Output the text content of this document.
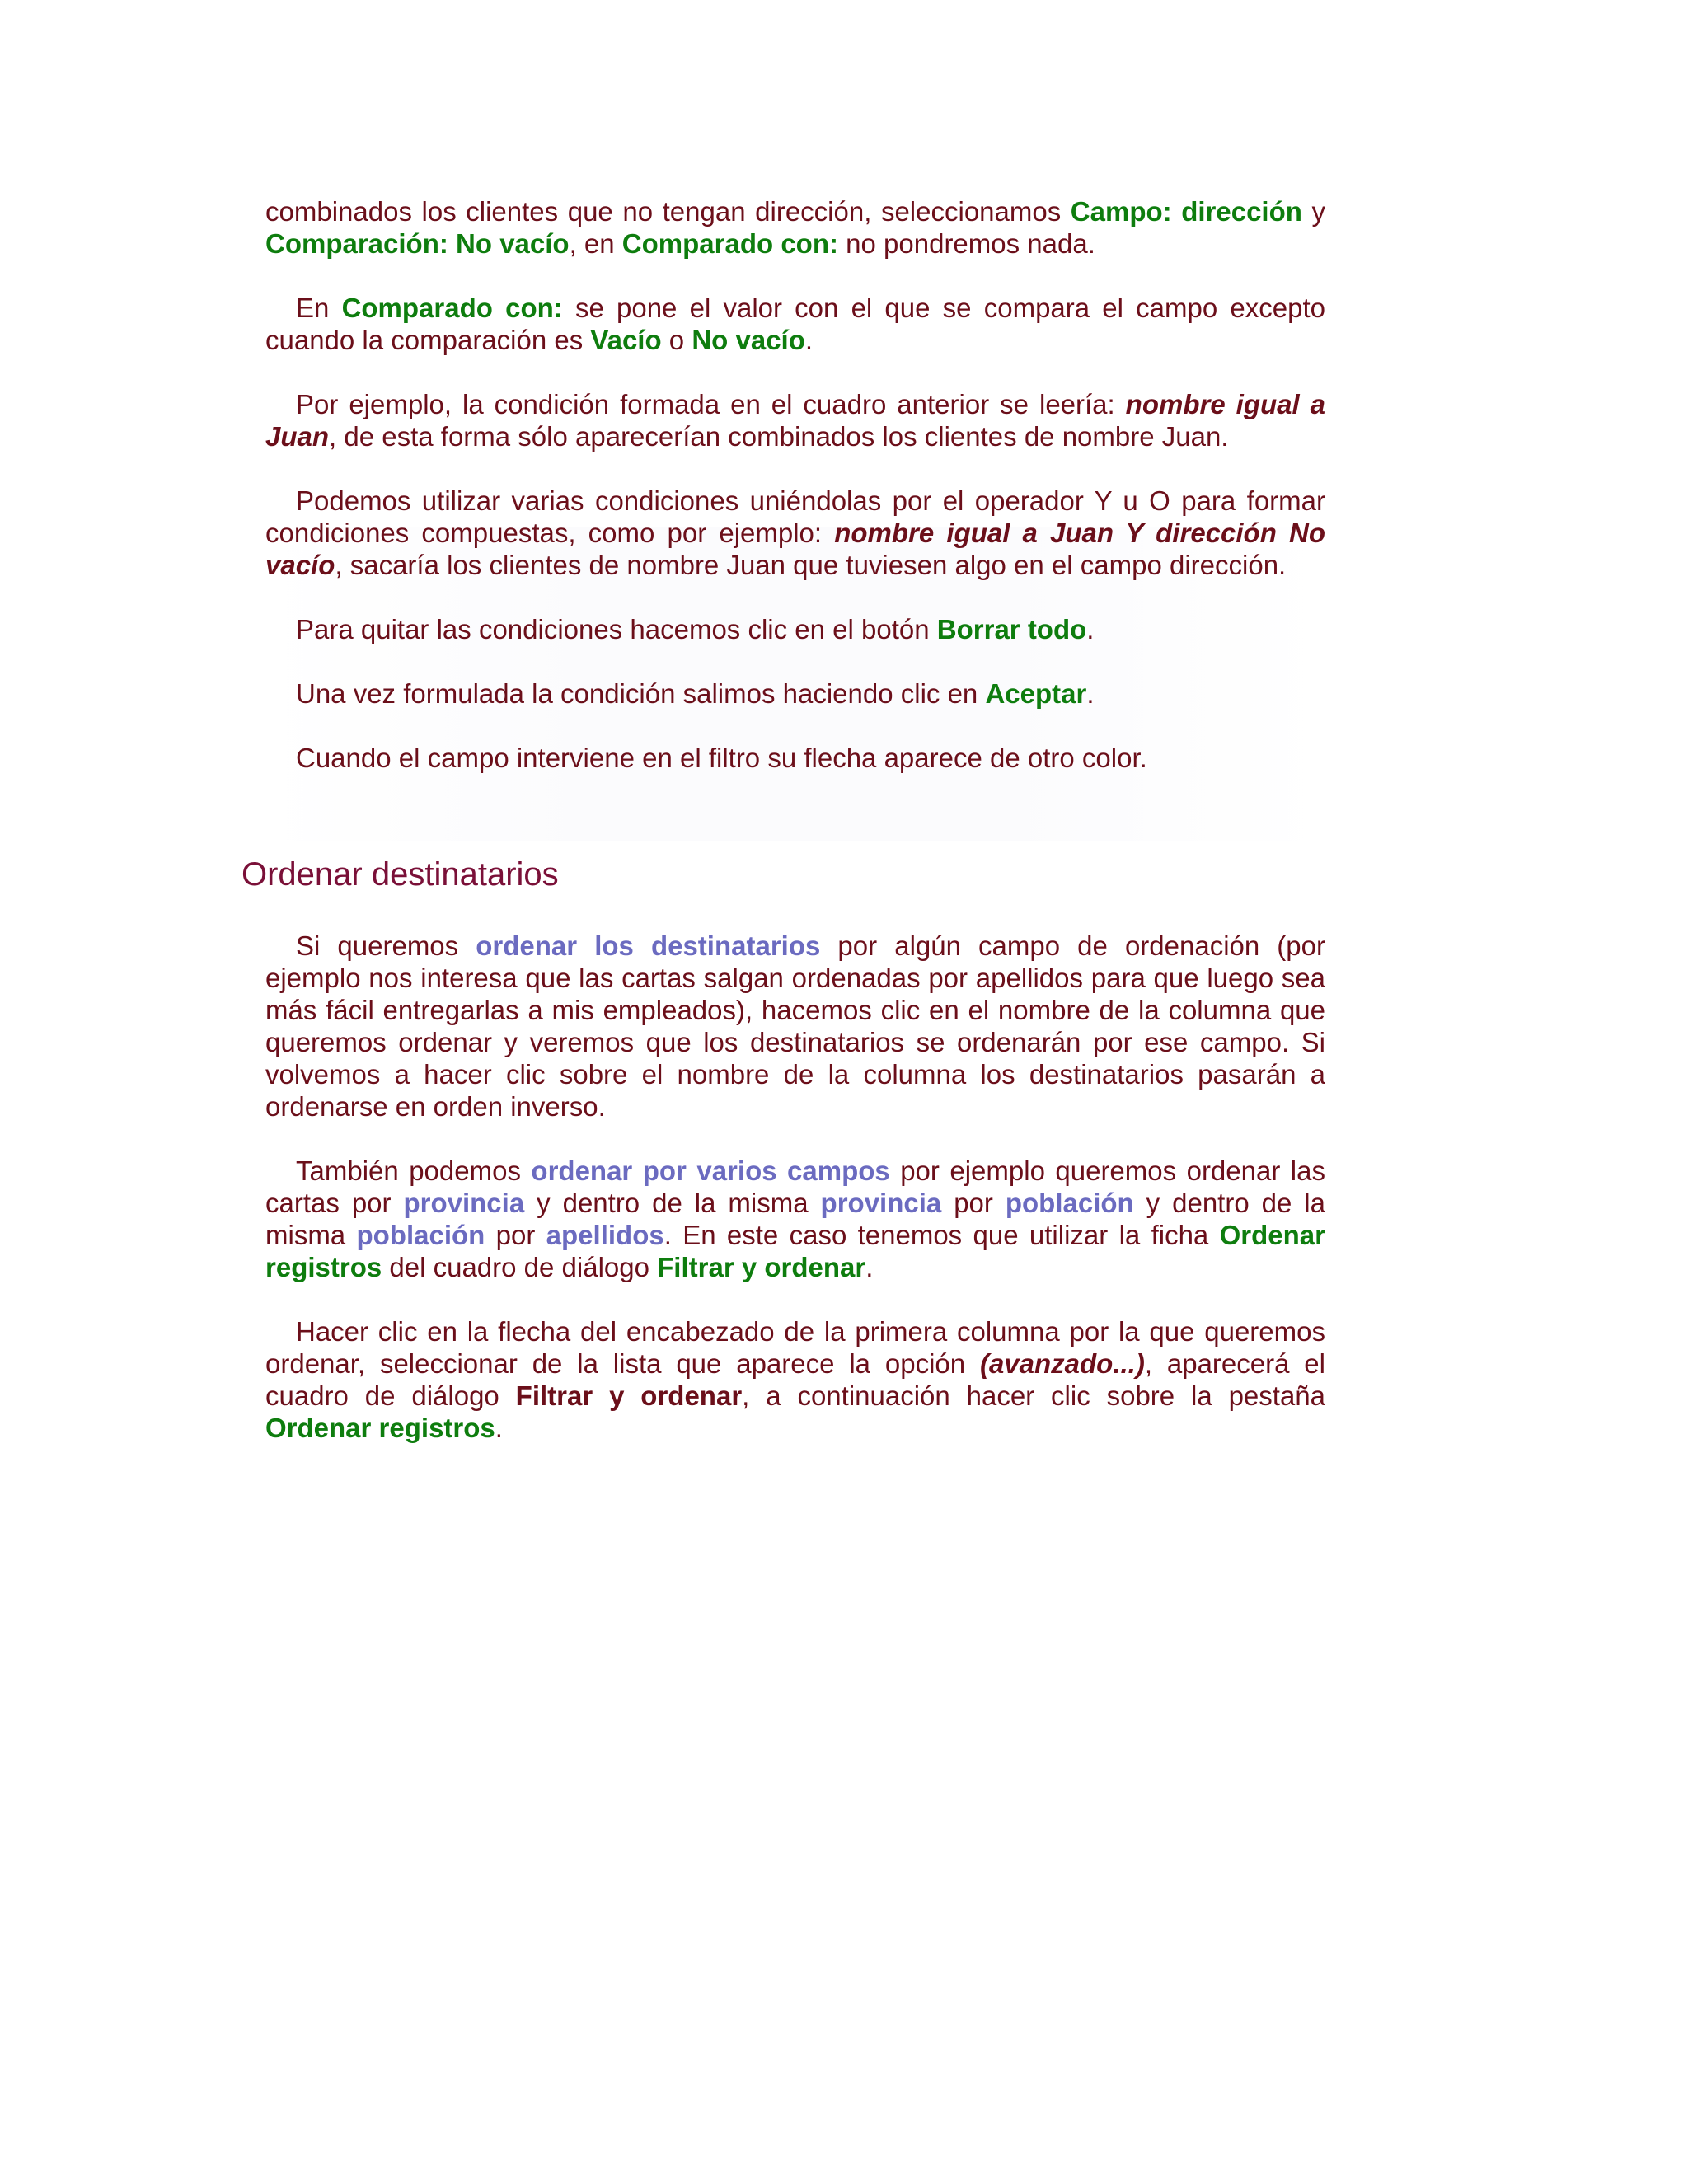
combinados los clientes que no tengan dirección, seleccionamos Campo: dirección y Comparación: No vacío, en Comparado con: no pondremos nada.

En Comparado con: se pone el valor con el que se compara el campo excepto cuando la comparación es Vacío o No vacío.

Por ejemplo, la condición formada en el cuadro anterior se leería: nombre igual a Juan, de esta forma sólo aparecerían combinados los clientes de nombre Juan.

Podemos utilizar varias condiciones uniéndolas por el operador Y u O para formar condiciones compuestas, como por ejemplo: nombre igual a Juan Y dirección No vacío, sacaría los clientes de nombre Juan que tuviesen algo en el campo dirección.

Para quitar las condiciones hacemos clic en el botón Borrar todo.

Una vez formulada la condición salimos haciendo clic en Aceptar.

Cuando el campo interviene en el filtro su flecha aparece de otro color.

Ordenar destinatarios

Si queremos ordenar los destinatarios por algún campo de ordenación (por ejemplo nos interesa que las cartas salgan ordenadas por apellidos para que luego sea más fácil entregarlas a mis empleados), hacemos clic en el nombre de la columna que queremos ordenar y veremos que los destinatarios se ordenarán por ese campo. Si volvemos a hacer clic sobre el nombre de la columna los destinatarios pasarán a ordenarse en orden inverso.

También podemos ordenar por varios campos por ejemplo queremos ordenar las cartas por provincia y dentro de la misma provincia por población y dentro de la misma población por apellidos. En este caso tenemos que utilizar la ficha Ordenar registros del cuadro de diálogo Filtrar y ordenar.

Hacer clic en la flecha del encabezado de la primera columna por la que queremos ordenar, seleccionar de la lista que aparece la opción (avanzado...), aparecerá el cuadro de diálogo Filtrar y ordenar, a continuación hacer clic sobre la pestaña Ordenar registros.
